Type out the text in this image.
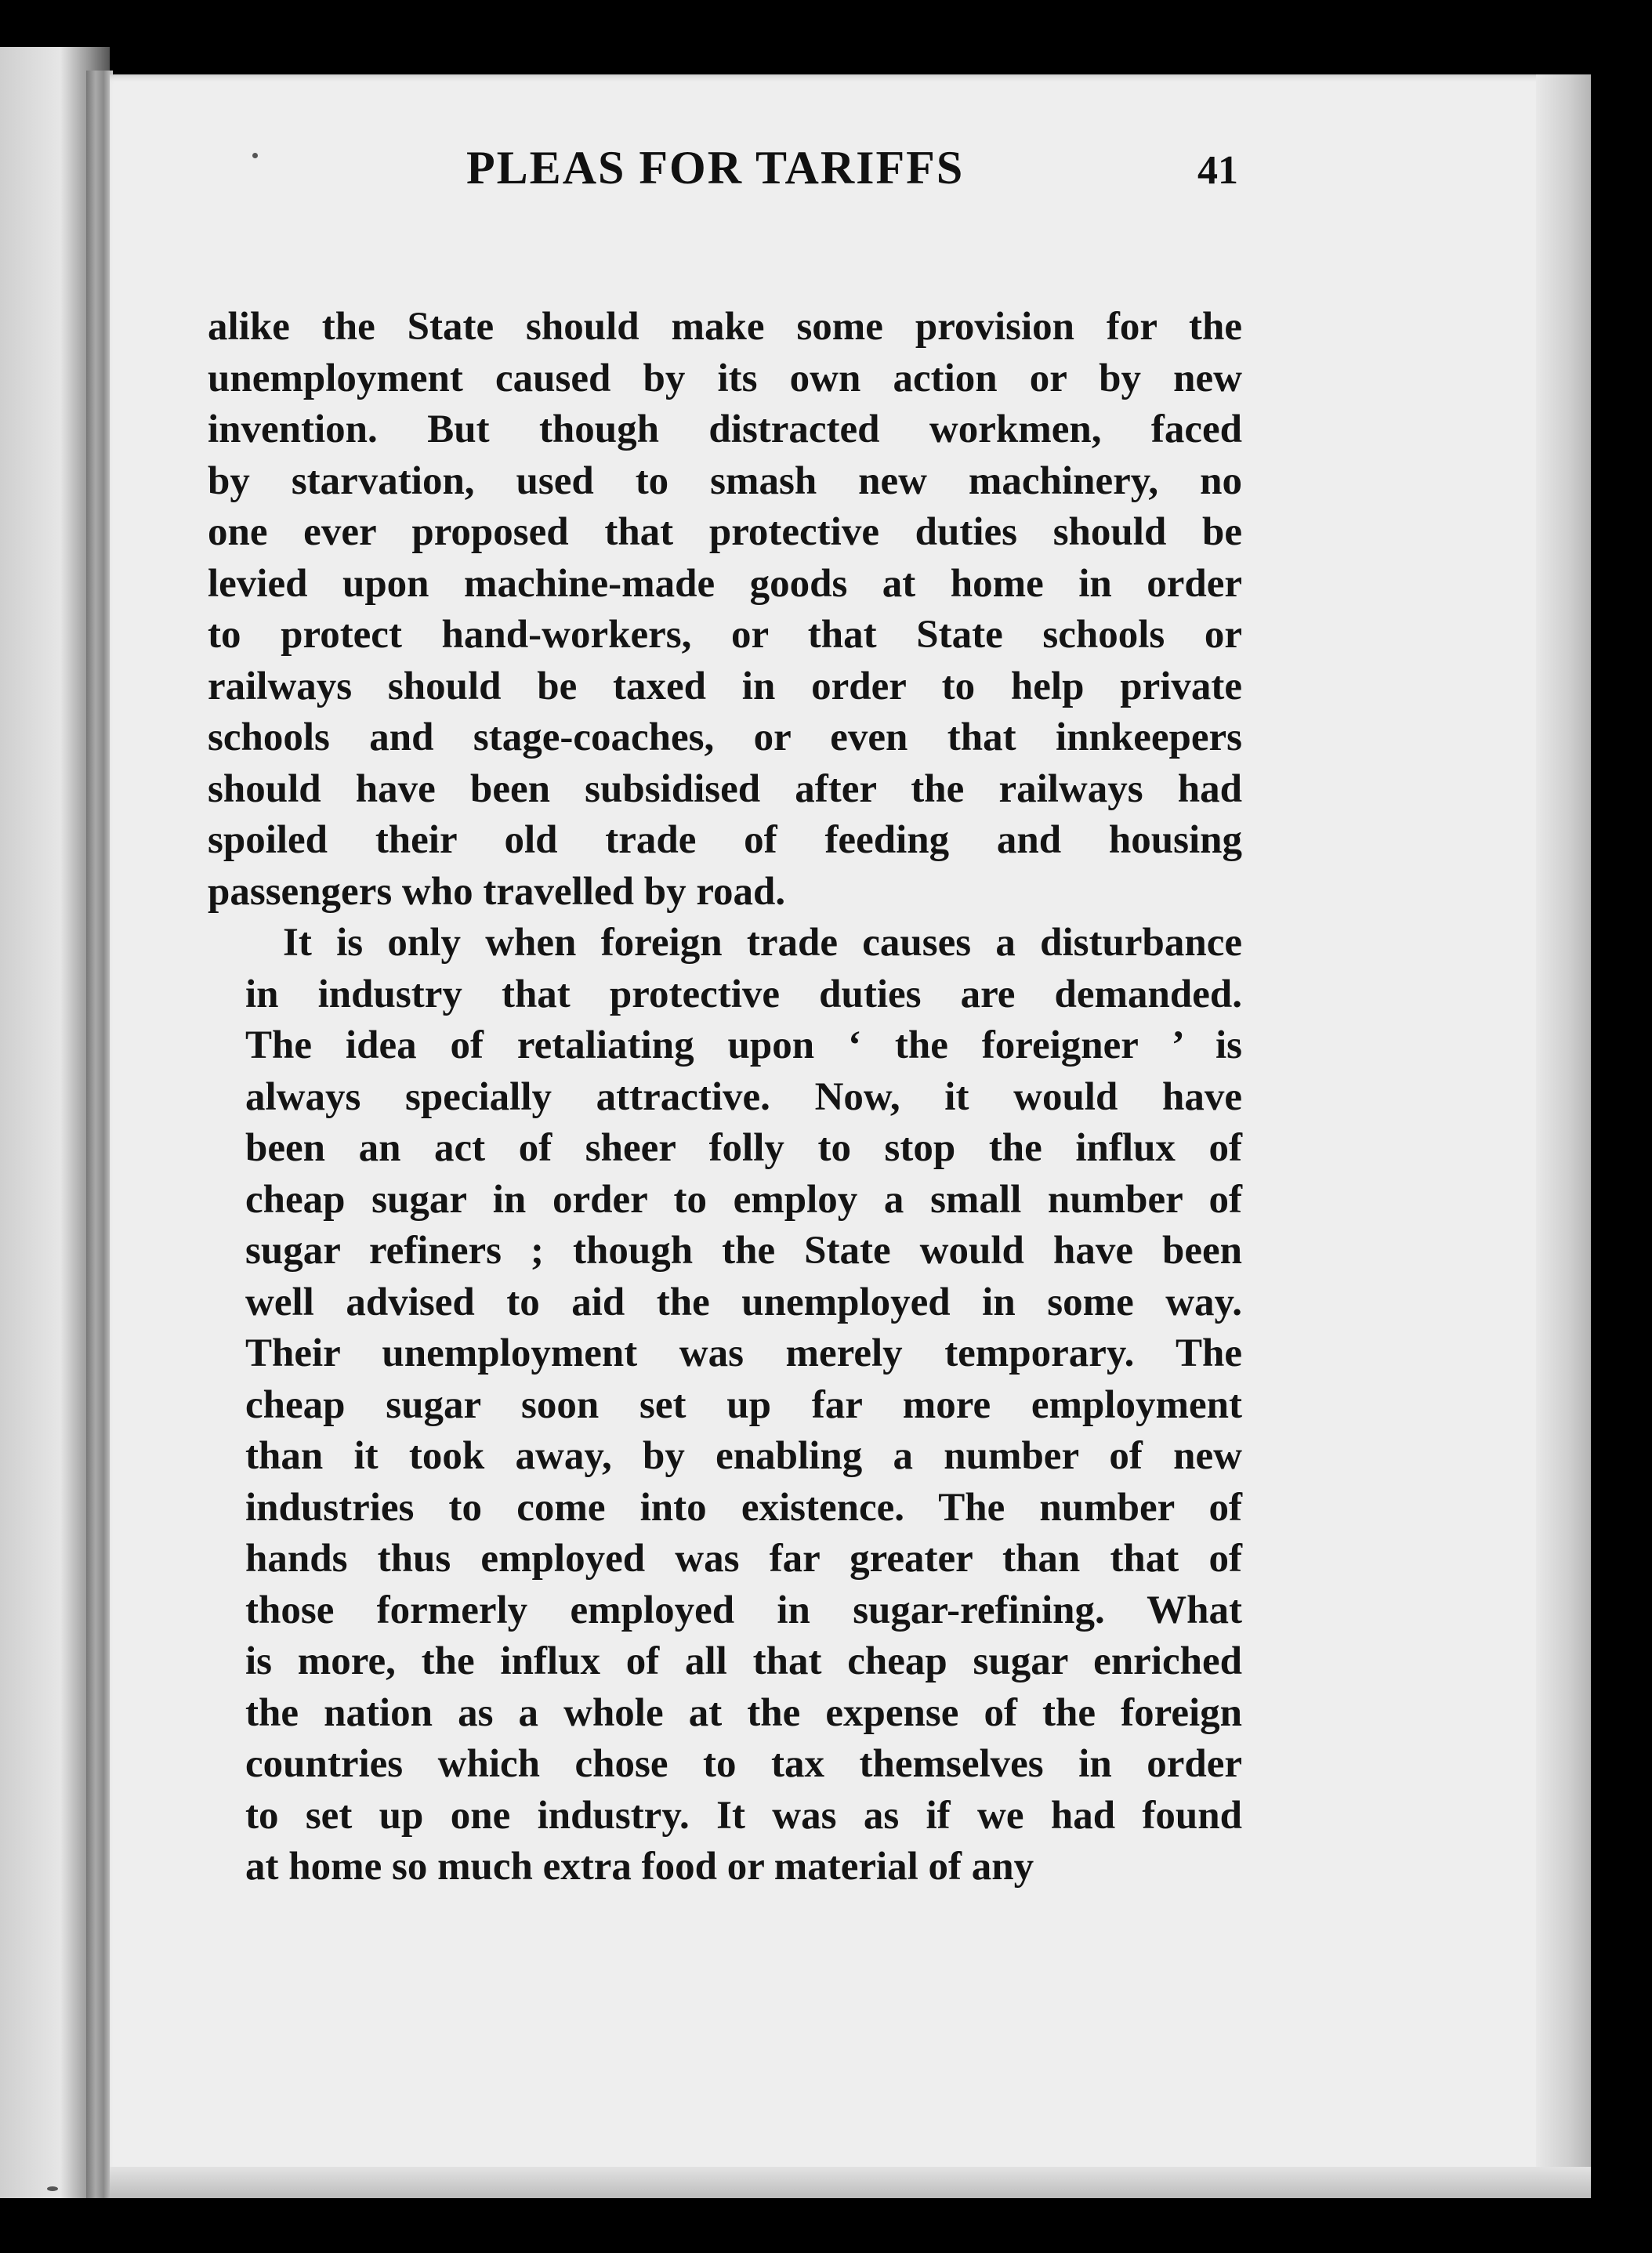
PLEAS FOR TARIFFS	41

alike the State should make some provision for the
unemployment caused by its own action or by new
invention. But though distracted workmen, faced
by starvation, used to smash new machinery, no
one ever proposed that protective duties should be
levied upon machine-made goods at home in order
to protect hand-workers, or that State schools or
railways should be taxed in order to help private
schools and stage-coaches, or even that innkeepers
should have been subsidised after the railways had
spoiled their old trade of feeding and housing
passengers who travelled by road.

It is only when foreign trade causes a disturbance
in industry that protective duties are demanded.
The idea of retaliating upon ‘ the foreigner ’ is
always specially attractive. Now, it would have
been an act of sheer folly to stop the influx of
cheap sugar in order to employ a small number of
sugar refiners ; though the State would have been
well advised to aid the unemployed in some way.
Their unemployment was merely temporary. The
cheap sugar soon set up far more employment
than it took away, by enabling a number of new
industries to come into existence. The number of
hands thus employed was far greater than that of
those formerly employed in sugar-refining. What
is more, the influx of all that cheap sugar enriched
the nation as a whole at the expense of the foreign
countries which chose to tax themselves in order
to set up one industry. It was as if we had found
at home so much extra food or material of any
